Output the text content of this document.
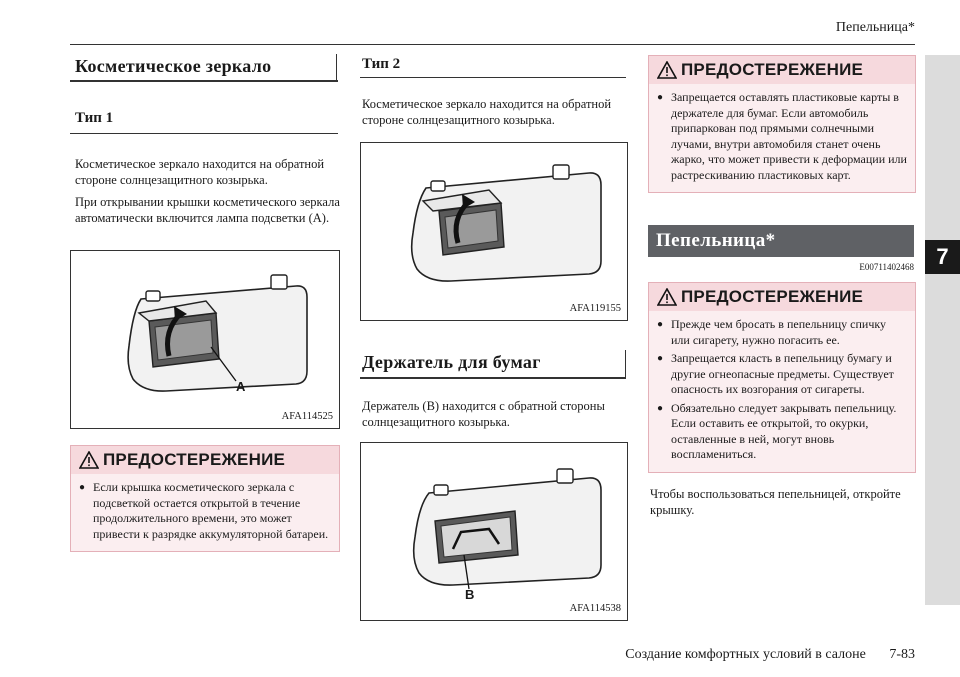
Пепельница*
7
Косметическое зеркало
Тип 1

Косметическое зеркало находится на обратной стороне солнцезащитного козырька.

При открывании крышки косметического зеркала автоматически включится лампа подсветки (А).

A
AFA114525
ПРЕДОСТЕРЕЖЕНИЕ
● Если крышка косметического зеркала с подсветкой остается открытой в течение продолжительного времени, это может привести к разрядке аккумуляторной батареи.
Тип 2
Косметическое зеркало находится на обратной стороне солнцезащитного козырька.
AFA119155
Держатель для бумаг
Держатель (B) находится с обратной стороны солнцезащитного козырька.
B
AFA114538
ПРЕДОСТЕРЕЖЕНИЕ
● Запрещается оставлять пластиковые карты в держателе для бумаг. Если автомобиль припаркован под прямыми солнечными лучами, внутри автомобиля станет очень жарко, что может привести к деформации или растрескиванию пластиковых карт.
Пепельница*
E00711402468
ПРЕДОСТЕРЕЖЕНИЕ
● Прежде чем бросать в пепельницу спичку или сигарету, нужно погасить ее.
● Запрещается класть в пепельницу бумагу и другие огнеопасные предметы. Существует опасность их возгорания от сигареты.
● Обязательно следует закрывать пепельницу. Если оставить ее открытой, то окурки, оставленные в ней, могут вновь воспламениться.
Чтобы воспользоваться пепельницей, откройте крышку.
Создание комфортных условий в салоне 7-83
